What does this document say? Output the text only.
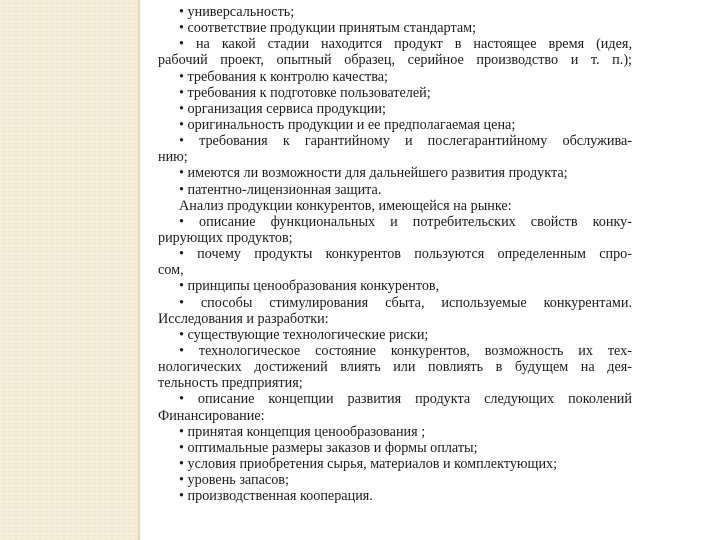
• универсальность;
• соответствие продукции принятым стандартам;
• на какой стадии находится продукт в настоящее время (идея,
рабочий проект, опытный образец, серийное производство и т. п.);
• требования к контролю качества;
• требования к подготовке пользователей;
• организация сервиса продукции;
• оригинальность продукции и ее предполагаемая цена;
• требования к гарантийному и послегарантийному обслужива-
нию;
• имеются ли возможности для дальнейшего развития продукта;
• патентно-лицензионная защита.
Анализ продукции конкурентов, имеющейся на рынке:
• описание функциональных и потребительских свойств конку-
рирующих продуктов;
• почему продукты конкурентов пользуются определенным спро-
сом,
• принципы ценообразования конкурентов,
• способы стимулирования сбыта, используемые конкурентами.
Исследования и разработки:
• существующие технологические риски;
• технологическое состояние конкурентов, возможность их тех-
нологических достижений влиять или повлиять в будущем на дея-
тельность предприятия;
• описание концепции развития продукта следующих поколений
Финансирование:
• принятая концепция ценообразования ;
• оптимальные размеры заказов и формы оплаты;
• условия приобретения сырья, материалов и комплектующих;
• уровень запасов;
• производственная кооперация.
